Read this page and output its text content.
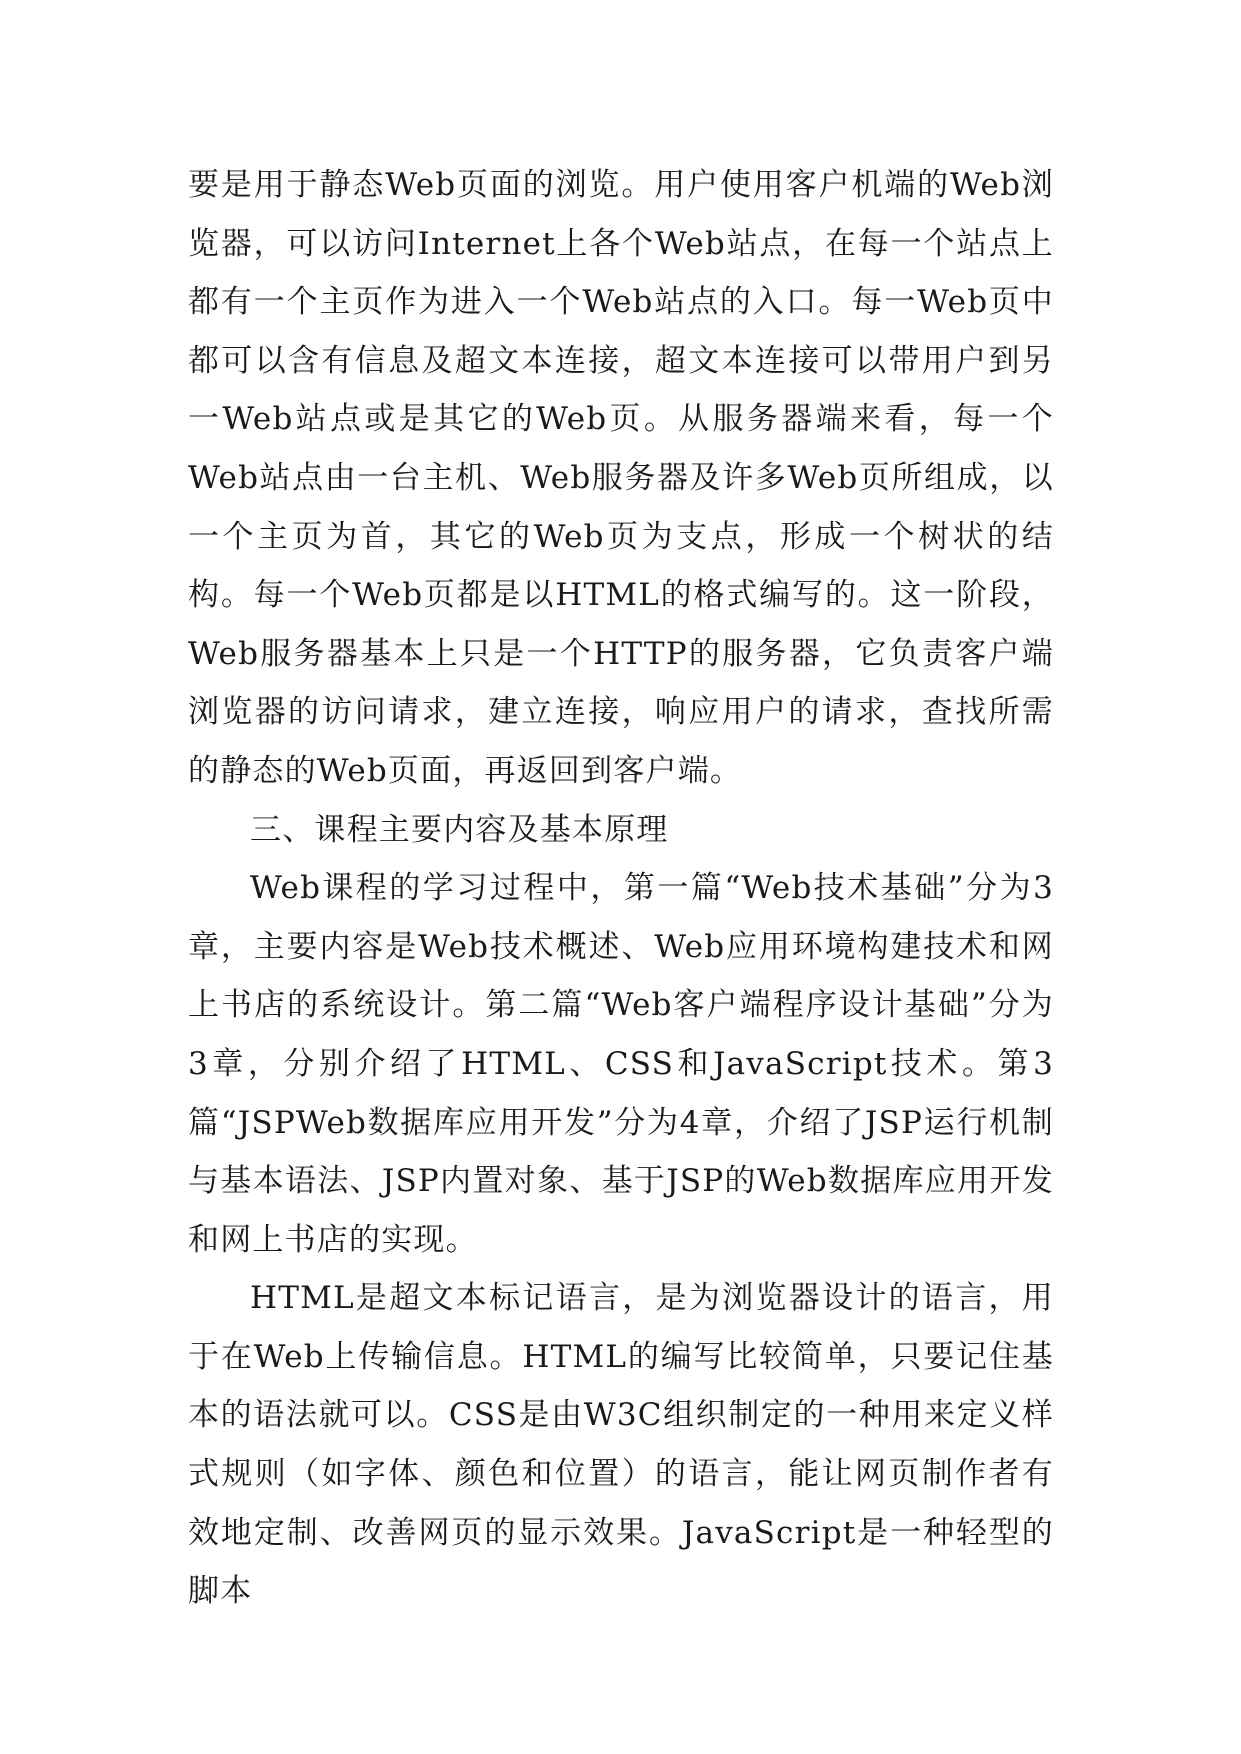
要是用于静态Web页面的浏览。用户使用客户机端的Web浏览器，可以访问Internet上各个Web站点，在每一个站点上都有一个主页作为进入一个Web站点的入口。每一Web页中都可以含有信息及超文本连接，超文本连接可以带用户到另一Web站点或是其它的Web页。从服务器端来看，每一个Web站点由一台主机、Web服务器及许多Web页所组成，以一个主页为首，其它的Web页为支点，形成一个树状的结构。每一个Web页都是以HTML的格式编写的。这一阶段，Web服务器基本上只是一个HTTP的服务器，它负责客户端浏览器的访问请求，建立连接，响应用户的请求，查找所需的静态的Web页面，再返回到客户端。

三、课程主要内容及基本原理

Web课程的学习过程中，第一篇“Web技术基础”分为3章，主要内容是Web技术概述、Web应用环境构建技术和网上书店的系统设计。第二篇“Web客户端程序设计基础”分为3章，分别介绍了HTML、CSS和JavaScript技术。第3篇“JSPWeb数据库应用开发”分为4章，介绍了JSP运行机制与基本语法、JSP内置对象、基于JSP的Web数据库应用开发和网上书店的实现。

HTML是超文本标记语言，是为浏览器设计的语言，用于在Web上传输信息。HTML的编写比较简单，只要记住基本的语法就可以。CSS是由W3C组织制定的一种用来定义样式规则（如字体、颜色和位置）的语言，能让网页制作者有效地定制、改善网页的显示效果。JavaScript是一种轻型的脚本
